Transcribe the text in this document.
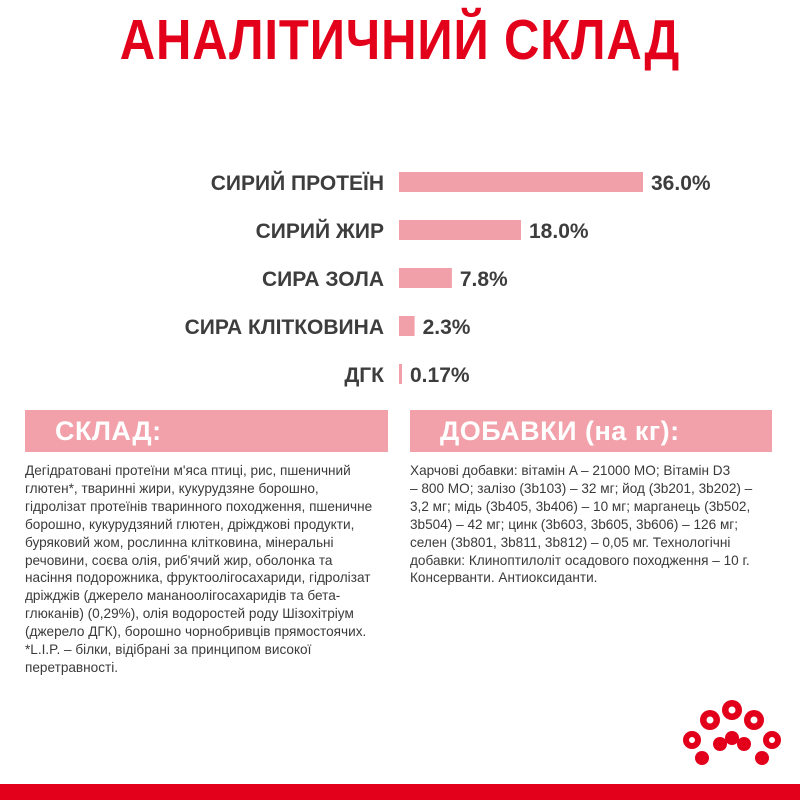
АНАЛІТИЧНИЙ СКЛАД
СИРИЙ ПРОТЕЇН	36.0%
СИРИЙ ЖИР	18.0%
СИРА ЗОЛА	7.8%
СИРА КЛІТКОВИНА 2.3%
ДГК 0.17%
СКЛАД:

Дегідратовані протеїни м'яса птиці, рис, пшеничний
глютен*, тваринні жири, кукурудзяне борошно,
гідролізат протеїнів тваринного походження, пшеничне
борошно, кукурудзяний глютен, дріжджові продукти,
буряковий жом, рослинна клітковина, мінеральні
речовини, соєва олія, риб'ячий жир, оболонка та
насіння подорожника, фруктоолігосахариди, гідролізат
дріжджів (джерело мананоолігосахаридів та бета-
глюканів) (0,29%), олія водоростей роду Шізохітріум
(джерело ДГК), борошно чорнобривців прямостоячих.
*L.I.P. – білки, відібрані за принципом високої
перетравності.

ДОБАВКИ (на кг):

Харчові добавки: вітамін A – 21000 МО; Вітамін D3
– 800 МО; залізо (3b103) – 32 мг; йод (3b201, 3b202) –
3,2 мг; мідь (3b405, 3b406) – 10 мг; марганець (3b502,
3b504) – 42 мг; цинк (3b603, 3b605, 3b606) – 126 мг;
селен (3b801, 3b811, 3b812) – 0,05 мг. Технологічні
добавки: Клиноптилоліт осадового походження – 10 г.
Консерванти. Антиоксиданти.
